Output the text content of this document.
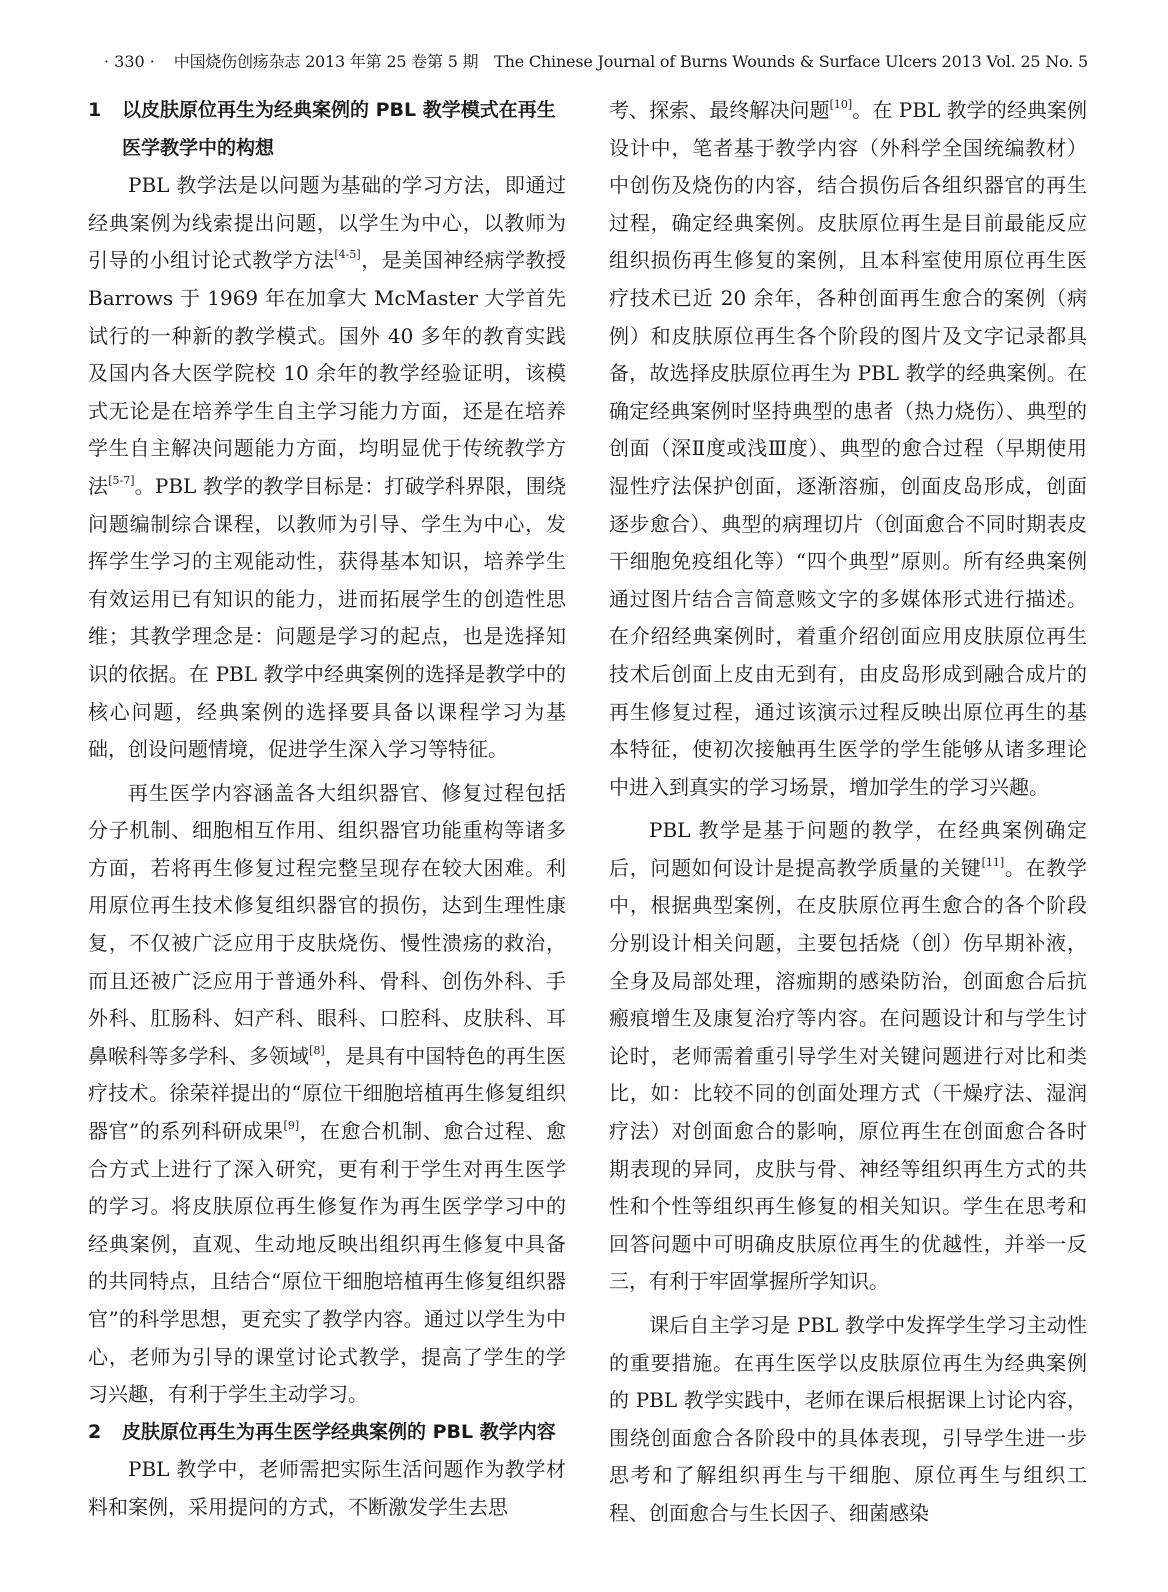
· 330 · 中国烧伤创疡杂志 2013 年第 25 卷第 5 期　The Chinese Journal of Burns Wounds & Surface Ulcers 2013 Vol. 25 No. 5
1 以皮肤原位再生为经典案例的 PBL 教学模式在再生医学教学中的构想

PBL 教学法是以问题为基础的学习方法，即通过经典案例为线索提出问题，以学生为中心，以教师为引导的小组讨论式教学方法[4-5]，是美国神经病学教授 Barrows 于 1969 年在加拿大 McMaster 大学首先试行的一种新的教学模式。国外 40 多年的教育实践及国内各大医学院校 10 余年的教学经验证明，该模式无论是在培养学生自主学习能力方面，还是在培养学生自主解决问题能力方面，均明显优于传统教学方法[5-7]。PBL 教学的教学目标是：打破学科界限，围绕问题编制综合课程，以教师为引导、学生为中心，发挥学生学习的主观能动性，获得基本知识，培养学生有效运用已有知识的能力，进而拓展学生的创造性思维；其教学理念是：问题是学习的起点，也是选择知识的依据。在 PBL 教学中经典案例的选择是教学中的核心问题，经典案例的选择要具备以课程学习为基础，创设问题情境，促进学生深入学习等特征。

再生医学内容涵盖各大组织器官、修复过程包括分子机制、细胞相互作用、组织器官功能重构等诸多方面，若将再生修复过程完整呈现存在较大困难。利用原位再生技术修复组织器官的损伤，达到生理性康复，不仅被广泛应用于皮肤烧伤、慢性溃疡的救治，而且还被广泛应用于普通外科、骨科、创伤外科、手外科、肛肠科、妇产科、眼科、口腔科、皮肤科、耳鼻喉科等多学科、多领域[8]，是具有中国特色的再生医疗技术。徐荣祥提出的“原位干细胞培植再生修复组织器官”的系列科研成果[9]，在愈合机制、愈合过程、愈合方式上进行了深入研究，更有利于学生对再生医学的学习。将皮肤原位再生修复作为再生医学学习中的经典案例，直观、生动地反映出组织再生修复中具备的共同特点，且结合“原位干细胞培植再生修复组织器官”的科学思想，更充实了教学内容。通过以学生为中心，老师为引导的课堂讨论式教学，提高了学生的学习兴趣，有利于学生主动学习。

2 皮肤原位再生为再生医学经典案例的 PBL 教学内容

PBL 教学中，老师需把实际生活问题作为教学材料和案例，采用提问的方式，不断激发学生去思

考、探索、最终解决问题[10]。在 PBL 教学的经典案例设计中，笔者基于教学内容（外科学全国统编教材）中创伤及烧伤的内容，结合损伤后各组织器官的再生过程，确定经典案例。皮肤原位再生是目前最能反应组织损伤再生修复的案例，且本科室使用原位再生医疗技术已近 20 余年，各种创面再生愈合的案例（病例）和皮肤原位再生各个阶段的图片及文字记录都具备，故选择皮肤原位再生为 PBL 教学的经典案例。在确定经典案例时坚持典型的患者（热力烧伤）、典型的创面（深Ⅱ度或浅Ⅲ度）、典型的愈合过程（早期使用湿性疗法保护创面，逐渐溶痂，创面皮岛形成，创面逐步愈合）、典型的病理切片（创面愈合不同时期表皮干细胞免疫组化等）“四个典型”原则。所有经典案例通过图片结合言简意赅文字的多媒体形式进行描述。在介绍经典案例时，着重介绍创面应用皮肤原位再生技术后创面上皮由无到有，由皮岛形成到融合成片的再生修复过程，通过该演示过程反映出原位再生的基本特征，使初次接触再生医学的学生能够从诸多理论中进入到真实的学习场景，增加学生的学习兴趣。

PBL 教学是基于问题的教学，在经典案例确定后，问题如何设计是提高教学质量的关键[11]。在教学中，根据典型案例，在皮肤原位再生愈合的各个阶段分别设计相关问题，主要包括烧（创）伤早期补液，全身及局部处理，溶痂期的感染防治，创面愈合后抗瘢痕增生及康复治疗等内容。在问题设计和与学生讨论时，老师需着重引导学生对关键问题进行对比和类比，如：比较不同的创面处理方式（干燥疗法、湿润疗法）对创面愈合的影响，原位再生在创面愈合各时期表现的异同，皮肤与骨、神经等组织再生方式的共性和个性等组织再生修复的相关知识。学生在思考和回答问题中可明确皮肤原位再生的优越性，并举一反三，有利于牢固掌握所学知识。

课后自主学习是 PBL 教学中发挥学生学习主动性的重要措施。在再生医学以皮肤原位再生为经典案例的 PBL 教学实践中，老师在课后根据课上讨论内容，围绕创面愈合各阶段中的具体表现，引导学生进一步思考和了解组织再生与干细胞、原位再生与组织工程、创面愈合与生长因子、细菌感染
